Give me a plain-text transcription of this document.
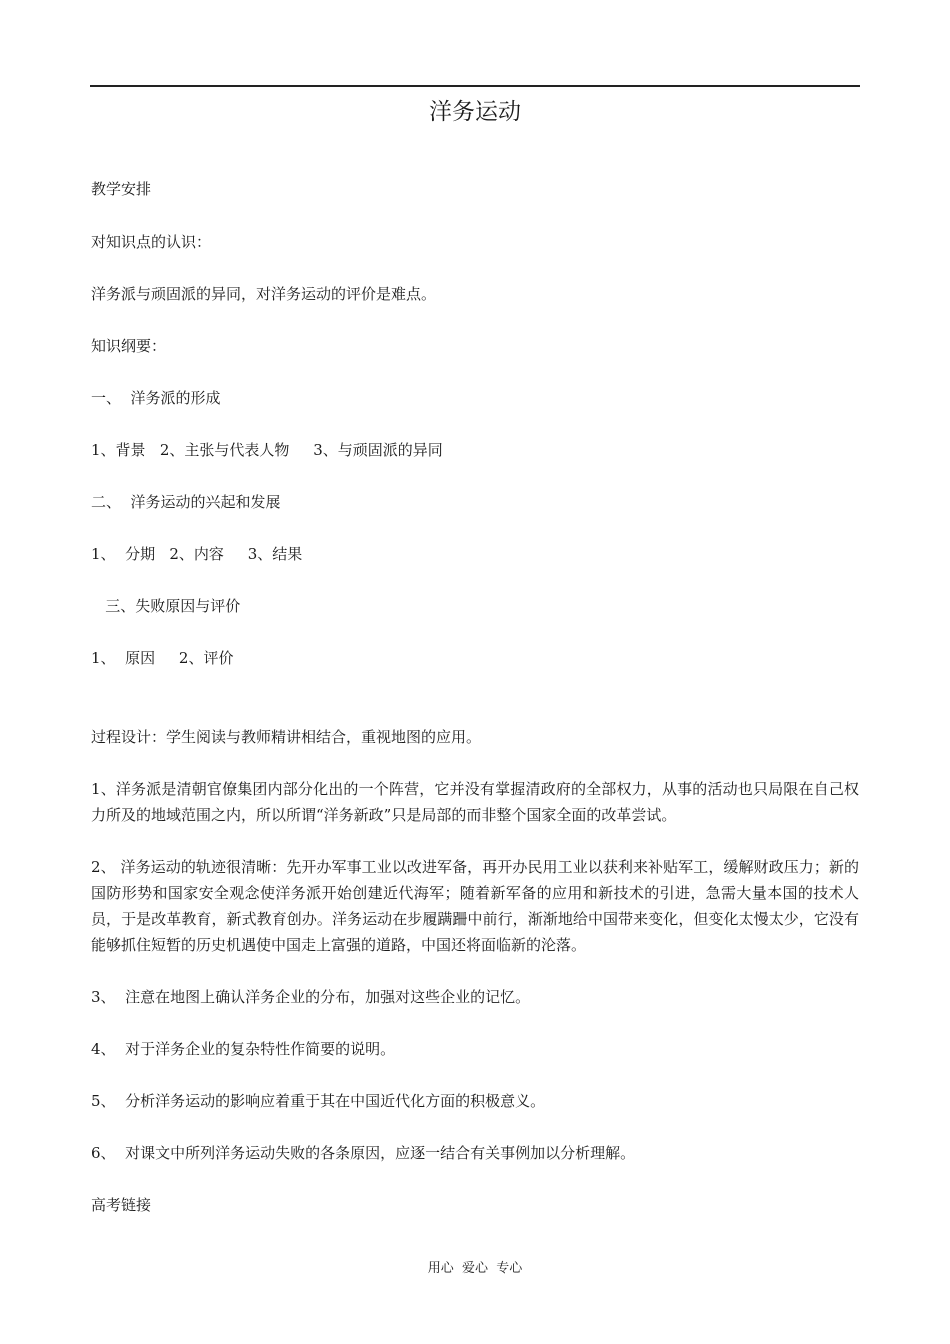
洋务运动

教学安排

对知识点的认识：

洋务派与顽固派的异同，对洋务运动的评价是难点。

知识纲要：

一、  洋务派的形成

1、背景   2、主张与代表人物     3、与顽固派的异同

二、  洋务运动的兴起和发展

1、  分期   2、内容     3、结果

三、失败原因与评价

1、  原因     2、评价

过程设计：学生阅读与教师精讲相结合，重视地图的应用。

1、洋务派是清朝官僚集团内部分化出的一个阵营，它并没有掌握清政府的全部权力，从事的活动也只局限在自己权力所及的地域范围之内，所以所谓“洋务新政”只是局部的而非整个国家全面的改革尝试。

2、 洋务运动的轨迹很清晰：先开办军事工业以改进军备，再开办民用工业以获利来补贴军工，缓解财政压力；新的国防形势和国家安全观念使洋务派开始创建近代海军；随着新军备的应用和新技术的引进，急需大量本国的技术人员，于是改革教育，新式教育创办。洋务运动在步履蹒跚中前行，渐渐地给中国带来变化，但变化太慢太少，它没有能够抓住短暂的历史机遇使中国走上富强的道路，中国还将面临新的沦落。

3、  注意在地图上确认洋务企业的分布，加强对这些企业的记忆。

4、  对于洋务企业的复杂特性作简要的说明。

5、  分析洋务运动的影响应着重于其在中国近代化方面的积极意义。

6、  对课文中所列洋务运动失败的各条原因，应逐一结合有关事例加以分析理解。

高考链接

用心  爱心  专心
